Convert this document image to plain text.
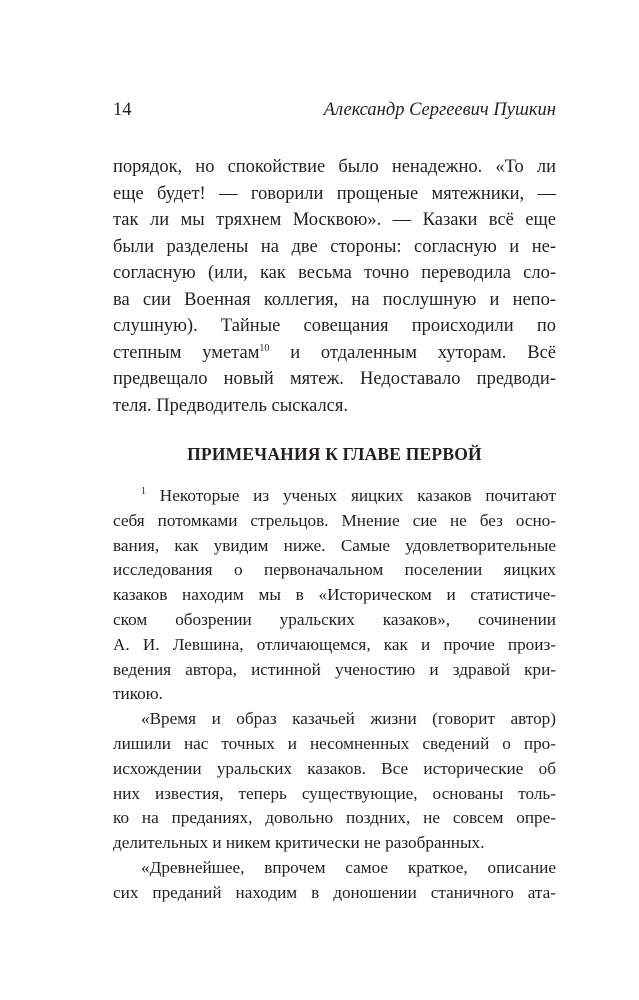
14	Александр Сергеевич Пушкин
порядок, но спокойствие было ненадежно. «То ли
еще будет! — говорили прощеные мятежники, —
так ли мы тряхнем Москвою». — Казаки всё еще
были разделены на две стороны: согласную и не-
согласную (или, как весьма точно переводила сло-
ва сии Военная коллегия, на послушную и непо-
слушную). Тайные совещания происходили по
степным уметам$^{10}$ и отдаленным хуторам. Всё
предвещало новый мятеж. Недоставало предводи-
теля. Предводитель сыскался.
ПРИМЕЧАНИЯ К ГЛАВЕ ПЕРВОЙ
$^1$ Некоторые из ученых яицких казаков почитают
себя потомками стрельцов. Мнение сие не без осно-
вания, как увидим ниже. Самые удовлетворительные
исследования о первоначальном поселении яицких
казаков находим мы в «Историческом и статистиче-
ском обозрении уральских казаков», сочинении
А. И. Левшина, отличающемся, как и прочие произ-
ведения автора, истинной ученостию и здравой кри-
тикою.
«Время и образ казачьей жизни (говорит автор)
лишили нас точных и несомненных сведений о про-
исхождении уральских казаков. Все исторические об
них известия, теперь существующие, основаны толь-
ко на преданиях, довольно поздних, не совсем опре-
делительных и никем критически не разобранных.
«Древнейшее, впрочем самое краткое, описание
сих преданий находим в доношении станичного ата-
